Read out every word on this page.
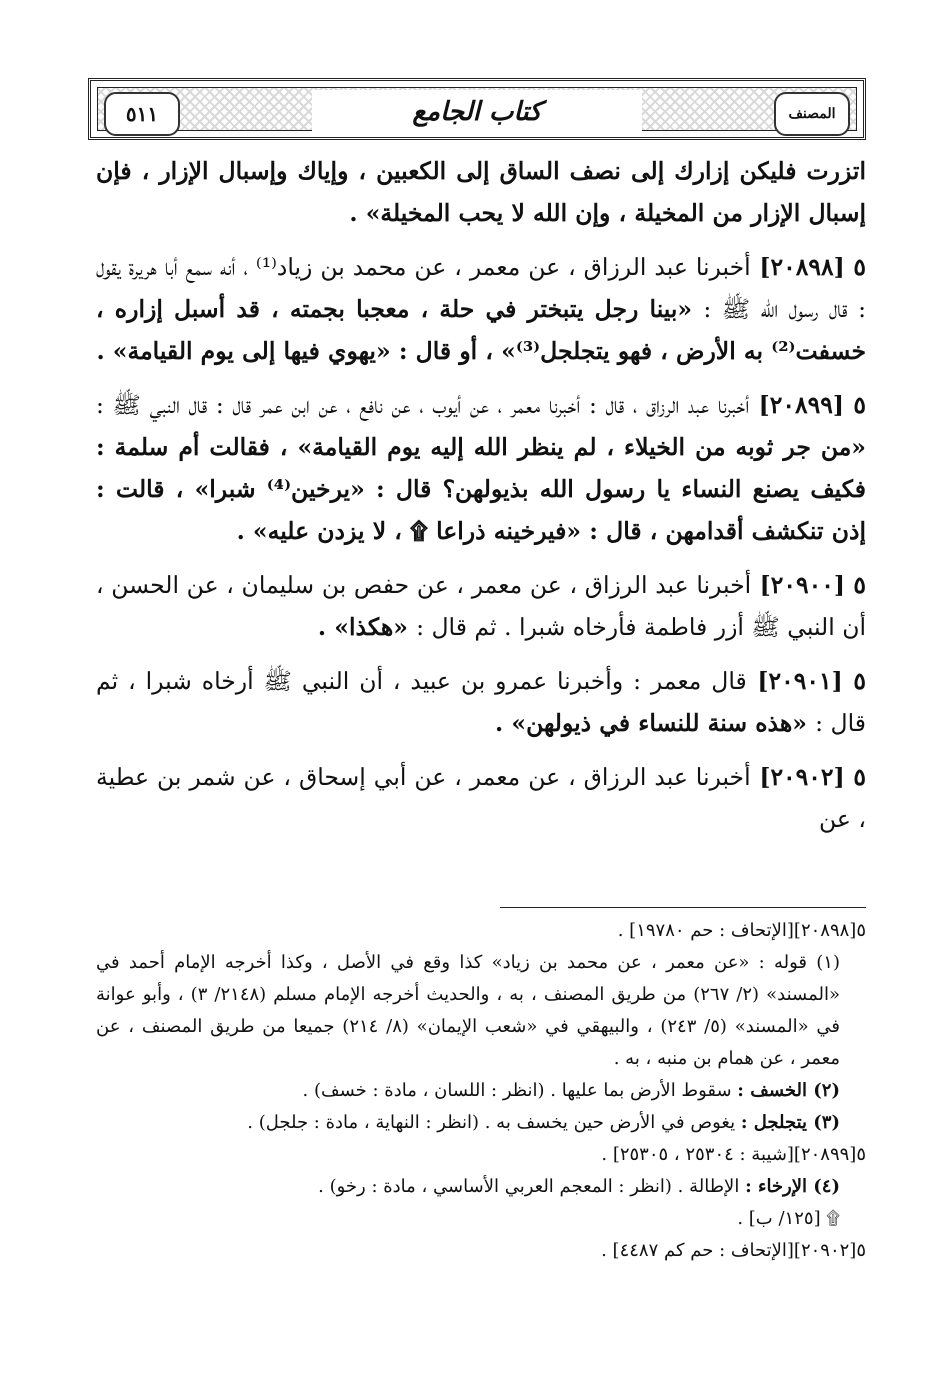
٥١١	كتاب الجامع	المصنف

اتزرت فليكن إزارك إلى نصف الساق إلى الكعبين ، وإياك وإسبال الإزار ، فإن إسبال الإزار من المخيلة ، وإن الله لا يحب المخيلة» .

٥ [٢٠٨٩٨] أخبرنا عبد الرزاق ، عن معمر ، عن محمد بن زياد⁽¹⁾ ، أنه سمع أبا هريرة يقول : قال رسول الله ﷺ : «بينا رجل يتبختر في حلة ، معجبا بجمته ، قد أسبل إزاره ، خسفت⁽²⁾ به الأرض ، فهو يتجلجل⁽³⁾» ، أو قال : «يهوي فيها إلى يوم القيامة» .

٥ [٢٠٨٩٩] أخبرنا عبد الرزاق ، قال : أخبرنا معمر ، عن أيوب ، عن نافع ، عن ابن عمر قال : قال النبي ﷺ : «من جر ثوبه من الخيلاء ، لم ينظر الله إليه يوم القيامة» ، فقالت أم سلمة : فكيف يصنع النساء يا رسول الله بذيولهن؟ قال : «يرخين⁽⁴⁾ شبرا» ، قالت : إذن تنكشف أقدامهن ، قال : «فيرخينه ذراعا ۩ ، لا يزدن عليه» .

٥ [٢٠٩٠٠] أخبرنا عبد الرزاق ، عن معمر ، عن حفص بن سليمان ، عن الحسن ، أن النبي ﷺ أزر فاطمة فأرخاه شبرا . ثم قال : «هكذا» .

٥ [٢٠٩٠١] قال معمر : وأخبرنا عمرو بن عبيد ، أن النبي ﷺ أرخاه شبرا ، ثم قال : «هذه سنة للنساء في ذيولهن» .

٥ [٢٠٩٠٢] أخبرنا عبد الرزاق ، عن معمر ، عن أبي إسحاق ، عن شمر بن عطية ، عن

٥[٢٠٨٩٨][الإتحاف : حم ١٩٧٨٠] .

(١) قوله : «عن معمر ، عن محمد بن زياد» كذا وقع في الأصل ، وكذا أخرجه الإمام أحمد في «المسند» (٢/ ٢٦٧) من طريق المصنف ، به ، والحديث أخرجه الإمام مسلم (٢١٤٨/ ٣) ، وأبو عوانة في «المسند» (٥/ ٢٤٣) ، والبيهقي في «شعب الإيمان» (٨/ ٢١٤) جميعا من طريق المصنف ، عن معمر ، عن همام بن منبه ، به .

(٢) الخسف : سقوط الأرض بما عليها . (انظر : اللسان ، مادة : خسف) .

(٣) يتجلجل : يغوص في الأرض حين يخسف به . (انظر : النهاية ، مادة : جلجل) .

٥[٢٠٨٩٩][شيبة : ٢٥٣٠٤ ، ٢٥٣٠٥] .

(٤) الإرخاء : الإطالة . (انظر : المعجم العربي الأساسي ، مادة : رخو) .

۩ [١٢٥/ ب] .

٥[٢٠٩٠٢][الإتحاف : حم كم ٤٤٨٧] .
